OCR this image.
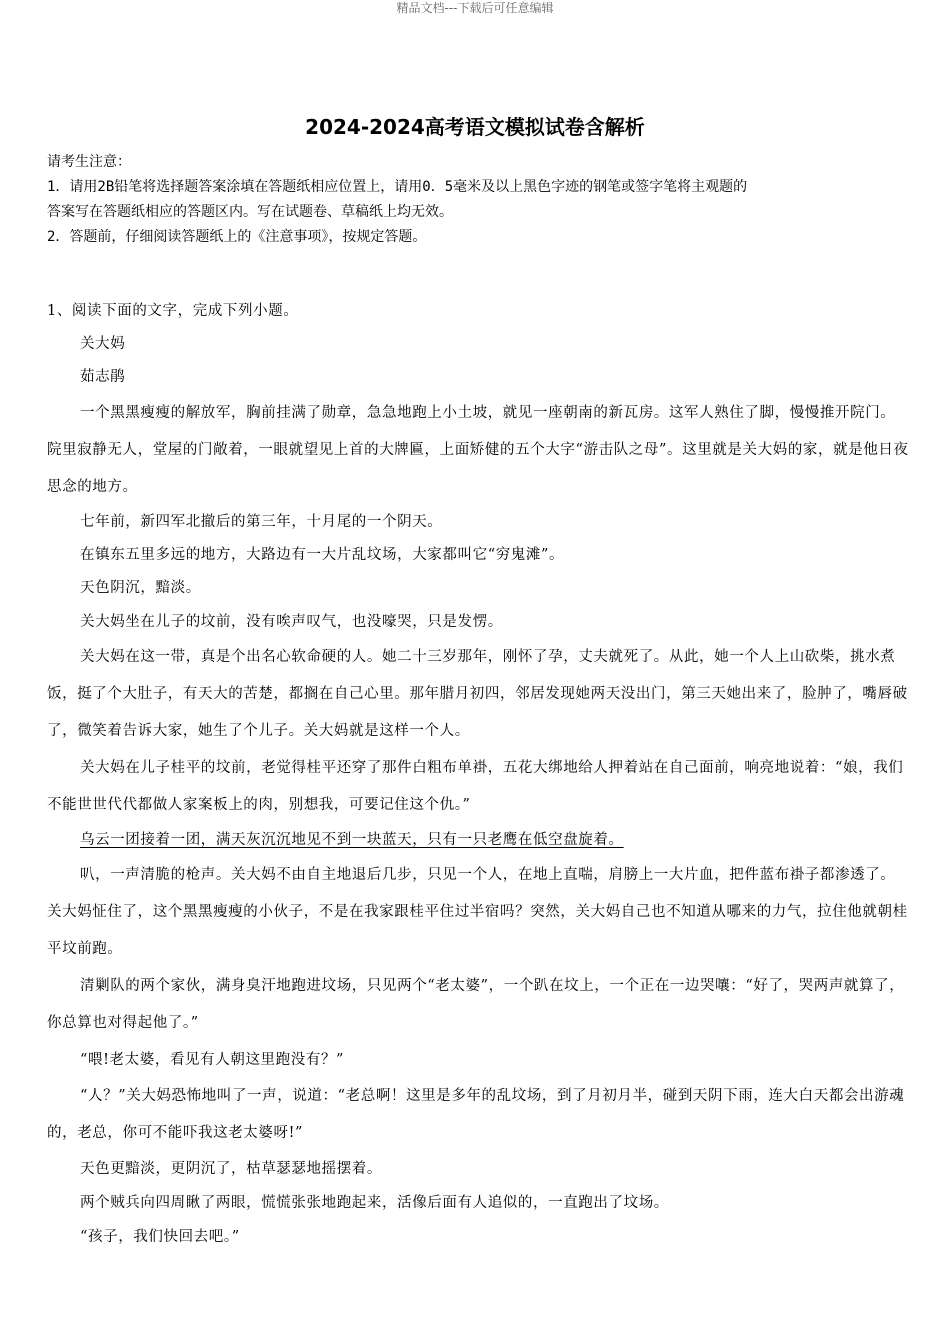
精品文档---下载后可任意编辑
2024-2024高考语文模拟试卷含解析

请考生注意：

1．请用2B铅笔将选择题答案涂填在答题纸相应位置上，请用0．5毫米及以上黑色字迹的钢笔或签字笔将主观题的

答案写在答题纸相应的答题区内。写在试题卷、草稿纸上均无效。

2．答题前，仔细阅读答题纸上的《注意事项》，按规定答题。

1、阅读下面的文字，完成下列小题。

关大妈

茹志鹃

一个黑黑瘦瘦的解放军，胸前挂满了勋章，急急地跑上小土坡，就见一座朝南的新瓦房。这军人熟住了脚，慢慢推开院门。院里寂静无人，堂屋的门敞着，一眼就望见上首的大牌匾，上面矫健的五个大字“游击队之母”。这里就是关大妈的家，就是他日夜思念的地方。

七年前，新四军北撤后的第三年，十月尾的一个阴天。

在镇东五里多远的地方，大路边有一大片乱坟场，大家都叫它“穷鬼滩”。

天色阴沉，黯淡。

关大妈坐在儿子的坟前，没有唉声叹气，也没嚎哭，只是发愣。

关大妈在这一带，真是个出名心软命硬的人。她二十三岁那年，刚怀了孕，丈夫就死了。从此，她一个人上山砍柴，挑水煮饭，挺了个大肚子，有天大的苦楚，都搁在自己心里。那年腊月初四，邻居发现她两天没出门，第三天她出来了，脸肿了，嘴唇破了，微笑着告诉大家，她生了个儿子。关大妈就是这样一个人。

关大妈在儿子桂平的坟前，老觉得桂平还穿了那件白粗布单褂，五花大绑地给人押着站在自己面前，响亮地说着：“娘，我们不能世世代代都做人家案板上的肉，别想我，可要记住这个仇。”

乌云一团接着一团，满天灰沉沉地见不到一块蓝天，只有一只老鹰在低空盘旋着。

叭，一声清脆的枪声。关大妈不由自主地退后几步，只见一个人，在地上直喘，肩膀上一大片血，把件蓝布褂子都渗透了。关大妈怔住了，这个黑黑瘦瘦的小伙子，不是在我家跟桂平住过半宿吗？突然，关大妈自己也不知道从哪来的力气，拉住他就朝桂平坟前跑。

清剿队的两个家伙，满身臭汗地跑进坟场，只见两个“老太婆”，一个趴在坟上，一个正在一边哭嚷：“好了，哭两声就算了，你总算也对得起他了。”

“喂!老太婆，看见有人朝这里跑没有？”

“人？”关大妈恐怖地叫了一声，说道：“老总啊！这里是多年的乱坟场，到了月初月半，碰到天阴下雨，连大白天都会出游魂的，老总，你可不能吓我这老太婆呀!”

天色更黯淡，更阴沉了，枯草瑟瑟地摇摆着。

两个贼兵向四周瞅了两眼，慌慌张张地跑起来，活像后面有人追似的，一直跑出了坟场。

“孩子，我们快回去吧。”
